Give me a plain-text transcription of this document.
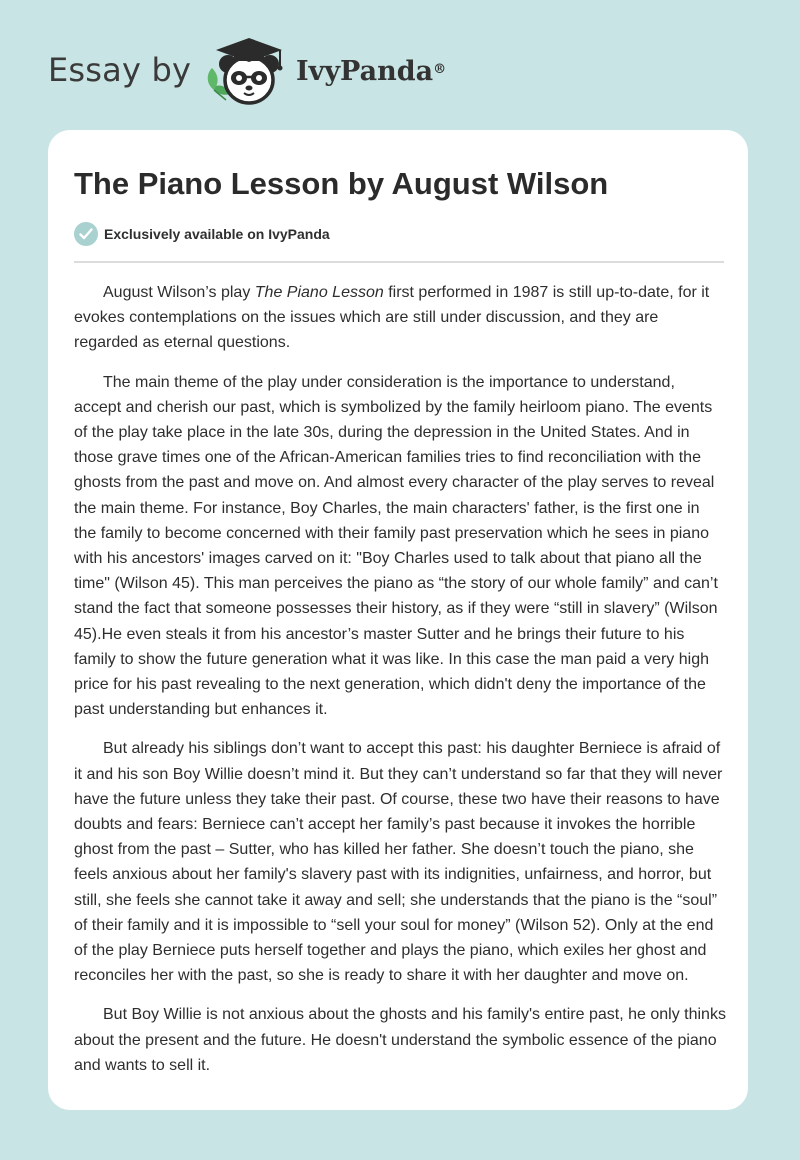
Essay by	IvyPanda®
The Piano Lesson by August Wilson
Exclusively available on IvyPanda

August Wilson’s play The Piano Lesson first performed in 1987 is still up-to-date, for it evokes contemplations on the issues which are still under discussion, and they are regarded as eternal questions.

The main theme of the play under consideration is the importance to understand, accept and cherish our past, which is symbolized by the family heirloom piano. The events of the play take place in the late 30s, during the depression in the United States. And in those grave times one of the African-American families tries to find reconciliation with the ghosts from the past and move on. And almost every character of the play serves to reveal the main theme. For instance, Boy Charles, the main characters' father, is the first one in the family to become concerned with their family past preservation which he sees in piano with his ancestors' images carved on it: "Boy Charles used to talk about that piano all the time" (Wilson 45). This man perceives the piano as “the story of our whole family” and can’t stand the fact that someone possesses their history, as if they were “still in slavery” (Wilson 45).He even steals it from his ancestor’s master Sutter and he brings their future to his family to show the future generation what it was like. In this case the man paid a very high price for his past revealing to the next generation, which didn't deny the importance of the past understanding but enhances it.

But already his siblings don’t want to accept this past: his daughter Berniece is afraid of it and his son Boy Willie doesn’t mind it. But they can’t understand so far that they will never have the future unless they take their past. Of course, these two have their reasons to have doubts and fears: Berniece can’t accept her family’s past because it invokes the horrible ghost from the past – Sutter, who has killed her father. She doesn’t touch the piano, she feels anxious about her family's slavery past with its indignities, unfairness, and horror, but still, she feels she cannot take it away and sell; she understands that the piano is the “soul” of their family and it is impossible to “sell your soul for money” (Wilson 52). Only at the end of the play Berniece puts herself together and plays the piano, which exiles her ghost and reconciles her with the past, so she is ready to share it with her daughter and move on.

But Boy Willie is not anxious about the ghosts and his family's entire past, he only thinks about the present and the future. He doesn't understand the symbolic essence of the piano and wants to sell it.
